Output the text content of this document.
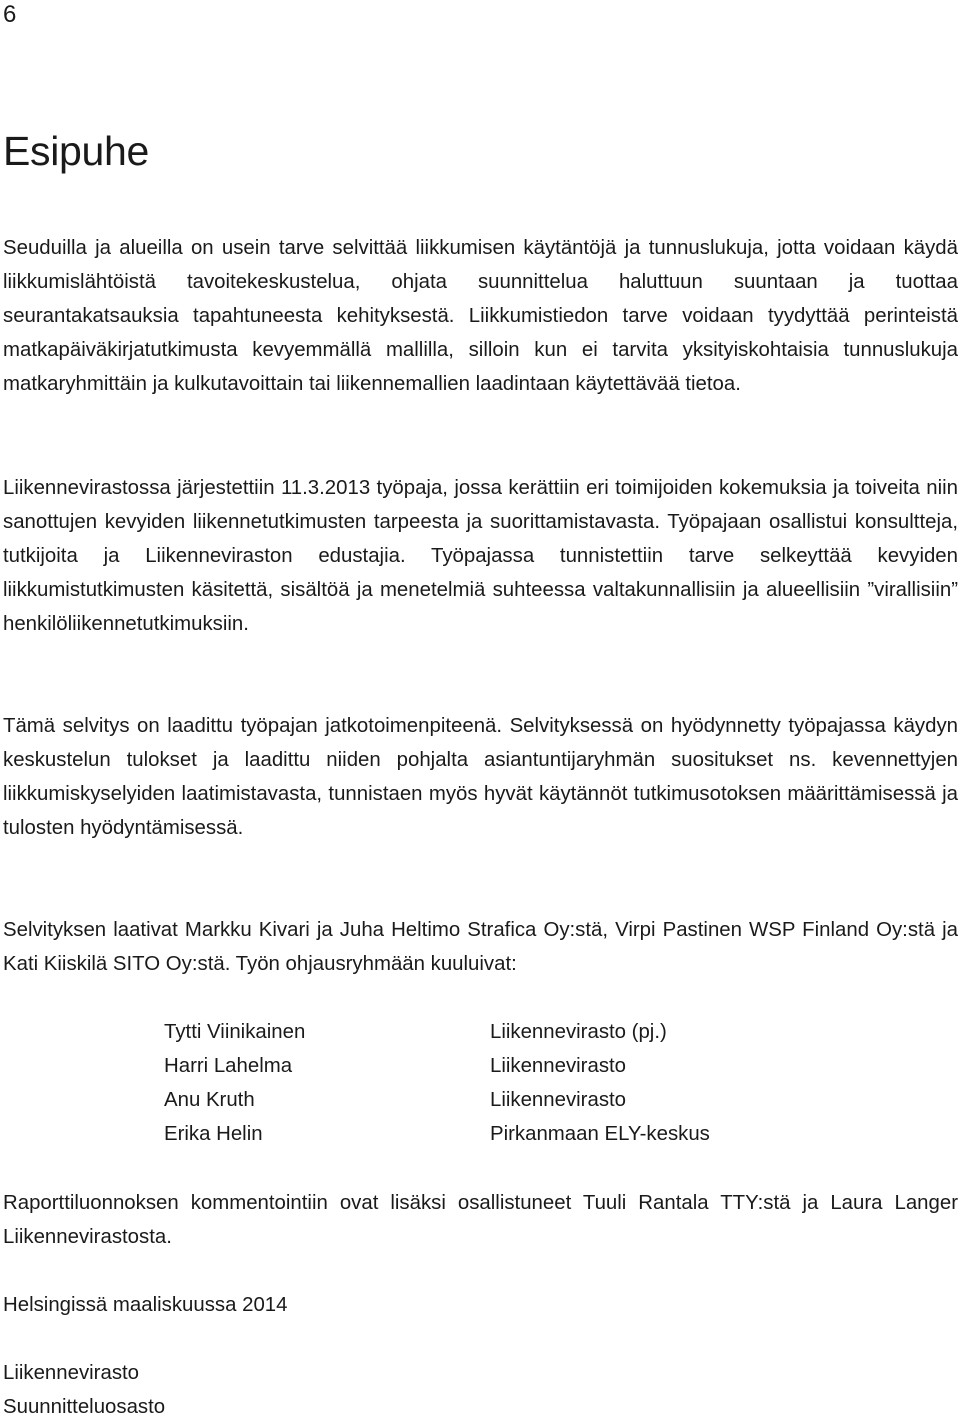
6
Esipuhe

Seuduilla ja alueilla on usein tarve selvittää liikkumisen käytäntöjä ja tunnuslukuja, jotta voidaan käydä liikkumislähtöistä tavoitekeskustelua, ohjata suunnittelua haluttuun suuntaan ja tuottaa seurantakatsauksia tapahtuneesta kehityksestä. Liikkumistiedon tarve voidaan tyydyttää perinteistä matkapäiväkirjatutkimusta kevyemmällä mallilla, silloin kun ei tarvita yksityiskohtaisia tunnuslukuja matkaryhmittäin ja kulkutavoittain tai liikennemallien laadintaan käytettävää tietoa.

Liikennevirastossa järjestettiin 11.3.2013 työpaja, jossa kerättiin eri toimijoiden kokemuksia ja toiveita niin sanottujen kevyiden liikennetutkimusten tarpeesta ja suorittamistavasta. Työpajaan osallistui konsultteja, tutkijoita ja Liikenneviraston edustajia. Työpajassa tunnistettiin tarve selkeyttää kevyiden liikkumistutkimusten käsitettä, sisältöä ja menetelmiä suhteessa valtakunnallisiin ja alueellisiin ”virallisiin” henkilöliikennetutkimuksiin.

Tämä selvitys on laadittu työpajan jatkotoimenpiteenä. Selvityksessä on hyödynnetty työpajassa käydyn keskustelun tulokset ja laadittu niiden pohjalta asiantuntijaryhmän suositukset ns. kevennettyjen liikkumiskyselyiden laatimistavasta, tunnistaen myös hyvät käytännöt tutkimusotoksen määrittämisessä ja tulosten hyödyntämisessä.

Selvityksen laativat Markku Kivari ja Juha Heltimo Strafica Oy:stä, Virpi Pastinen WSP Finland Oy:stä ja Kati Kiiskilä SITO Oy:stä. Työn ohjausryhmään kuuluivat:

Tytti Viinikainen	Liikennevirasto (pj.)
Harri Lahelma	Liikennevirasto
Anu Kruth	Liikennevirasto
Erika Helin	Pirkanmaan ELY-keskus

Raporttiluonnoksen kommentointiin ovat lisäksi osallistuneet Tuuli Rantala TTY:stä ja Laura Langer Liikennevirastosta.

Helsingissä maaliskuussa 2014

Liikennevirasto

Suunnitteluosasto
